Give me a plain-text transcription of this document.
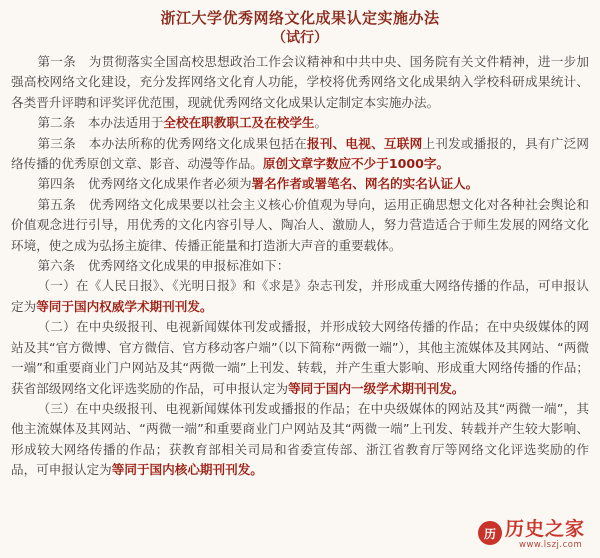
浙江大学优秀网络文化成果认定实施办法
（试行）

第一条　为贯彻落实全国高校思想政治工作会议精神和中共中央、国务院有关文件精神，进一步加强高校网络文化建设，充分发挥网络文化育人功能，学校将优秀网络文化成果纳入学校科研成果统计、各类晋升评聘和评奖评优范围，现就优秀网络文化成果认定制定本实施办法。

第二条　本办法适用于全校在职教职工及在校学生。

第三条　本办法所称的优秀网络文化成果包括在报刊、电视、互联网上刊发或播报的，具有广泛网络传播的优秀原创文章、影音、动漫等作品。原创文章字数应不少于1000字。

第四条　优秀网络文化成果作者必须为署名作者或署笔名、网名的实名认证人。

第五条　优秀网络文化成果要以社会主义核心价值观为导向，运用正确思想文化对各种社会舆论和价值观念进行引导，用优秀的文化内容引导人、陶冶人、激励人，努力营造适合于师生发展的网络文化环境，使之成为弘扬主旋律、传播正能量和打造浙大声音的重要载体。

第六条　优秀网络文化成果的申报标准如下：

（一）在《人民日报》、《光明日报》和《求是》杂志刊发，并形成重大网络传播的作品，可申报认定为等同于国内权威学术期刊刊发。

（二）在中央级报刊、电视新闻媒体刊发或播报，并形成较大网络传播的作品；在中央级媒体的网站及其“官方微博、官方微信、官方移动客户端”（以下简称“两微一端”），其他主流媒体及其网站、“两微一端”和重要商业门户网站及其“两微一端”上刊发、转载，并产生重大影响、形成重大网络传播的作品；获省部级网络文化评选奖励的作品，可申报认定为等同于国内一级学术期刊刊发。

（三）在中央级报刊、电视新闻媒体刊发或播报的作品；在中央级媒体的网站及其“两微一端”，其他主流媒体及其网站、“两微一端”和重要商业门户网站及其“两微一端”上刊发、转载并产生较大影响、形成较大网络传播的作品；获教育部相关司局和省委宣传部、浙江省教育厅等网络文化评选奖励的作品，可申报认定为等同于国内核心期刊刊发。

历 历史之家
www.lszj.com
